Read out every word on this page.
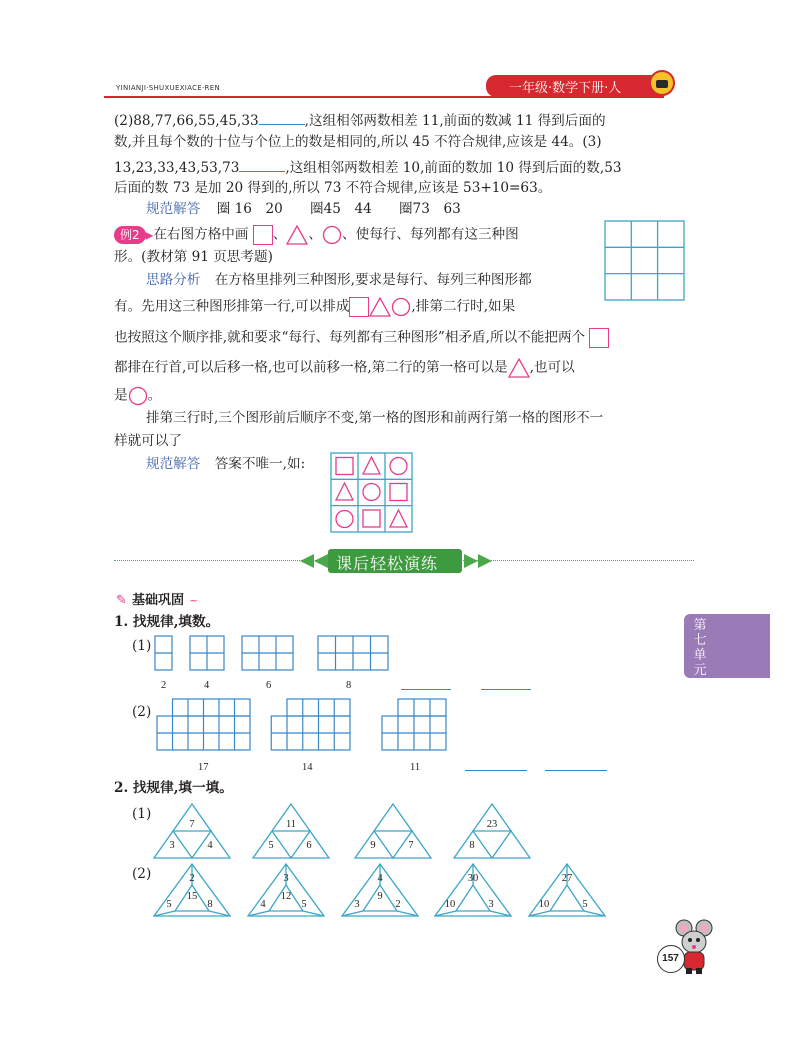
YINIANJI·SHUXUEXIACE·REN	一年级·数学下册·人
(2)88,77,66,55,45,33	,这组相邻两数相差 11,前面的数减 11 得到后面的
数,并且每个数的十位与个位上的数是相同的,所以 45 不符合规律,应该是 44。(3)
13,23,33,43,53,73	,这组相邻两数相差 10,前面的数加 10 得到后面的数,53
后面的数 73 是加 20 得到的,所以 73 不符合规律,应该是 53+10=63。
规范解答 圈 16　20　　圈45　44　　圈73　63
例2 ▶在右图方格中画 、 、 、使每行、每列都有这三种图
形。(教材第 91 页思考题)
思路分析 在方格里排列三种图形,要求是每行、每列三种图形都
有。先用这三种图形排第一行,可以排成	,排第二行时,如果
也按照这个顺序排,就和要求“每行、每列都有三种图形”相矛盾,所以不能把两个
都排在行首,可以后移一格,也可以前移一格,第二行的第一格可以是 ,也可以
是 。
排第三行时,三个图形前后顺序不变,第一格的图形和前两行第一格的图形不一
样就可以了
规范解答 答案不唯一,如:
课后轻松演练
✎ 基础巩固 ~
第
七
单
元
1. 找规律,填数。
(1)
2	4	6	8
(2)
17	14	11
2. 找规律,填一填。
(1)
7
3	4
11
5	6	9	7
23
8
(2)	2
15
5	8
3
12
4	5
4
9
3	2
30
10	3
27
10	5
157
